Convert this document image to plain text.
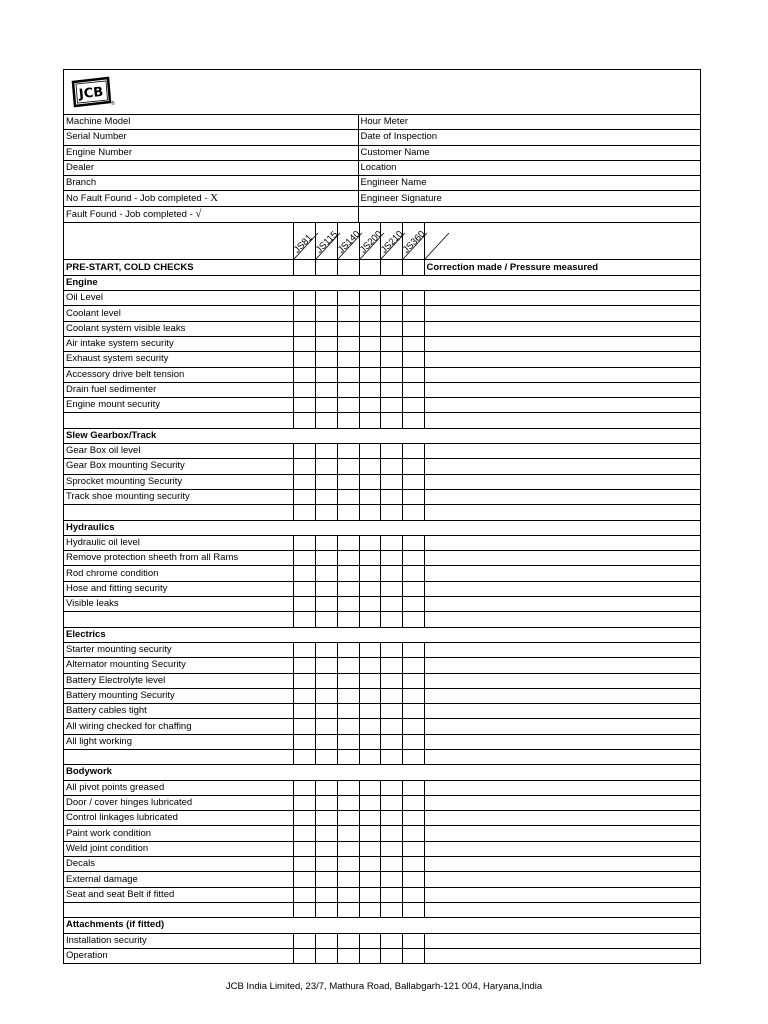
JCB
®
Machine Model	Hour Meter
Serial Number	Date of Inspection
Engine Number	Customer Name
Dealer	Location
Branch	Engineer Name
No Fault Found - Job completed - X	Engineer Signature
Fault Found - Job completed - √	

	JS81	JS115	JS140	JS200	JS210	JS360

PRE-START, COLD CHECKS							Correction made / Pressure measured
Engine							
Oil Level							
Coolant level							
Coolant system visible leaks							
Air intake system security							
Exhaust system security							
Accessory drive belt tension							
Drain fuel sedimenter							
Engine mount security							

Slew Gearbox/Track							
Gear Box oil level							
Gear Box mounting Security							
Sprocket mounting Security							
Track shoe mounting security							

Hydraulics							
Hydraulic oil level							
Remove protection sheeth from all Rams							
Rod chrome condition							
Hose and fitting security							
Visible leaks							

Electrics							
Starter mounting security							
Alternator mounting Security							
Battery Electrolyte level							
Battery mounting Security							
Battery cables tight							
All wiring checked for chaffing							
All light working							

Bodywork							
All pivot points greased							
Door / cover hinges lubricated							
Control linkages lubricated							
Paint work condition							
Weld joint condition							
Decals							
External damage							
Seat and seat Belt if fitted							

Attachments (if fitted)							
Installation security							
Operation							
JCB India Limited, 23/7, Mathura Road, Ballabgarh-121 004, Haryana,India
